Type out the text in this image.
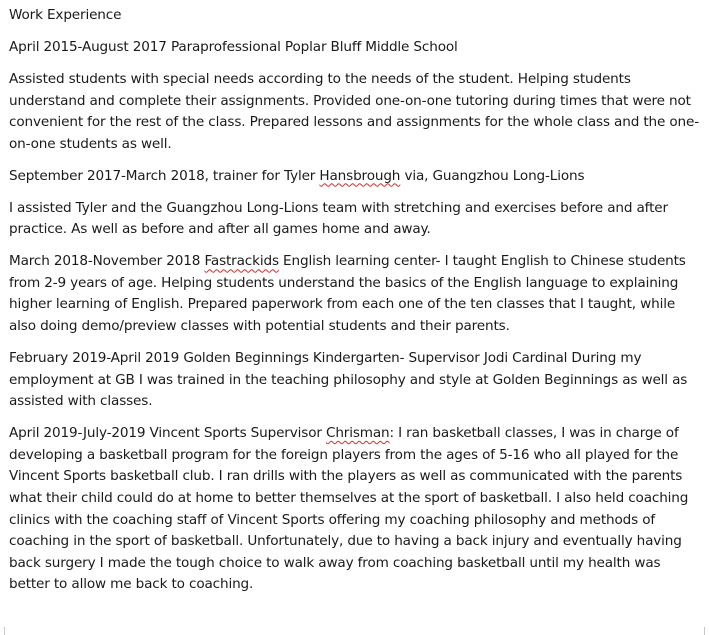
Work Experience

April 2015-August 2017 Paraprofessional Poplar Bluff Middle School

Assisted students with special needs according to the needs of the student. Helping students understand and complete their assignments. Provided one-on-one tutoring during times that were not convenient for the rest of the class. Prepared lessons and assignments for the whole class and the one-on-one students as well.

September 2017-March 2018, trainer for Tyler Hansbrough via, Guangzhou Long-Lions

I assisted Tyler and the Guangzhou Long-Lions team with stretching and exercises before and after practice. As well as before and after all games home and away.

March 2018-November 2018 Fastrackids English learning center- I taught English to Chinese students from 2-9 years of age. Helping students understand the basics of the English language to explaining higher learning of English. Prepared paperwork from each one of the ten classes that I taught, while also doing demo/preview classes with potential students and their parents.

February 2019-April 2019 Golden Beginnings Kindergarten- Supervisor Jodi Cardinal During my employment at GB I was trained in the teaching philosophy and style at Golden Beginnings as well as assisted with classes.

April 2019-July-2019 Vincent Sports Supervisor Chrisman: I ran basketball classes, I was in charge of developing a basketball program for the foreign players from the ages of 5-16 who all played for the Vincent Sports basketball club. I ran drills with the players as well as communicated with the parents what their child could do at home to better themselves at the sport of basketball. I also held coaching clinics with the coaching staff of Vincent Sports offering my coaching philosophy and methods of coaching in the sport of basketball. Unfortunately, due to having a back injury and eventually having back surgery I made the tough choice to walk away from coaching basketball until my health was better to allow me back to coaching.
